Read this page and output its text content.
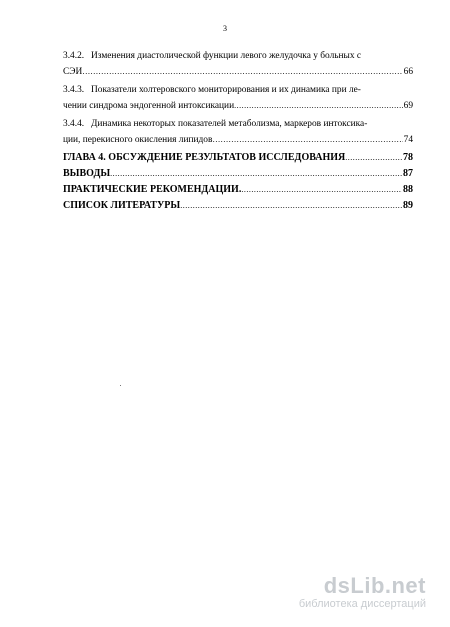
3
3.4.2. Изменения диастолической функции левого желудочка у больных с
СЭИ ……………………………………………………………………………………………………………………………………………………	66
3.4.3. Показатели холтеровского мониторирования и их динамика при ле-
чении синдрома эндогенной интоксикации .....	69
3.4.4. Динамика некоторых показателей метаболизма, маркеров интоксика-
ции, перекисного окисления липидов ……………………………………………………………………………………………………………………………………………………	74
ГЛАВА 4. ОБСУЖДЕНИЕ РЕЗУЛЬТАТОВ ИССЛЕДОВАНИЯ .....	78
ВЫВОДЫ .....	87
ПРАКТИЧЕСКИЕ РЕКОМЕНДАЦИИ. .....	88
СПИСОК ЛИТЕРАТУРЫ .....	89
dsLib.net
библиотека диссертаций
